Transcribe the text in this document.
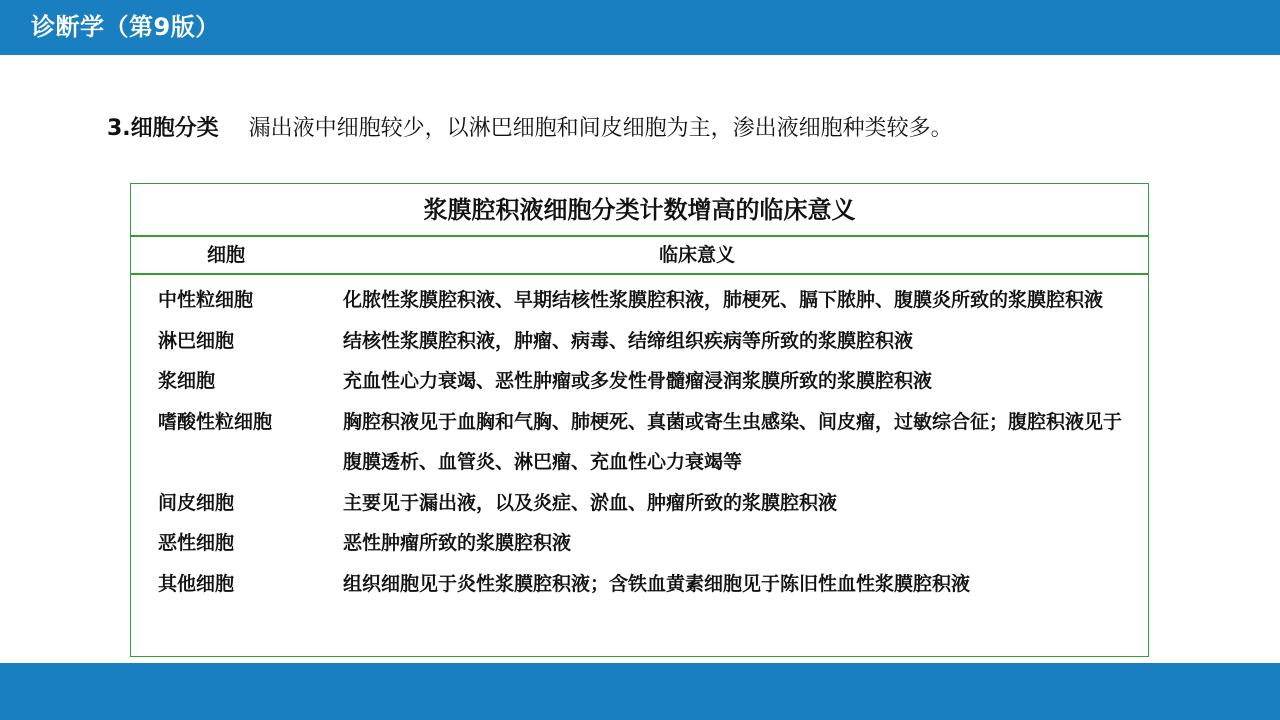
诊断学（第9版）
3.细胞分类 漏出液中细胞较少，以淋巴细胞和间皮细胞为主，渗出液细胞种类较多。
浆膜腔积液细胞分类计数增高的临床意义
细胞	临床意义
中性粒细胞	化脓性浆膜腔积液、早期结核性浆膜腔积液，肺梗死、膈下脓肿、腹膜炎所致的浆膜腔积液
淋巴细胞	结核性浆膜腔积液，肿瘤、病毒、结缔组织疾病等所致的浆膜腔积液
浆细胞	充血性心力衰竭、恶性肿瘤或多发性骨髓瘤浸润浆膜所致的浆膜腔积液
嗜酸性粒细胞	胸腔积液见于血胸和气胸、肺梗死、真菌或寄生虫感染、间皮瘤，过敏综合征；腹腔积液见于腹膜透析、血管炎、淋巴瘤、充血性心力衰竭等
间皮细胞	主要见于漏出液，以及炎症、淤血、肿瘤所致的浆膜腔积液
恶性细胞	恶性肿瘤所致的浆膜腔积液
其他细胞	组织细胞见于炎性浆膜腔积液；含铁血黄素细胞见于陈旧性血性浆膜腔积液
